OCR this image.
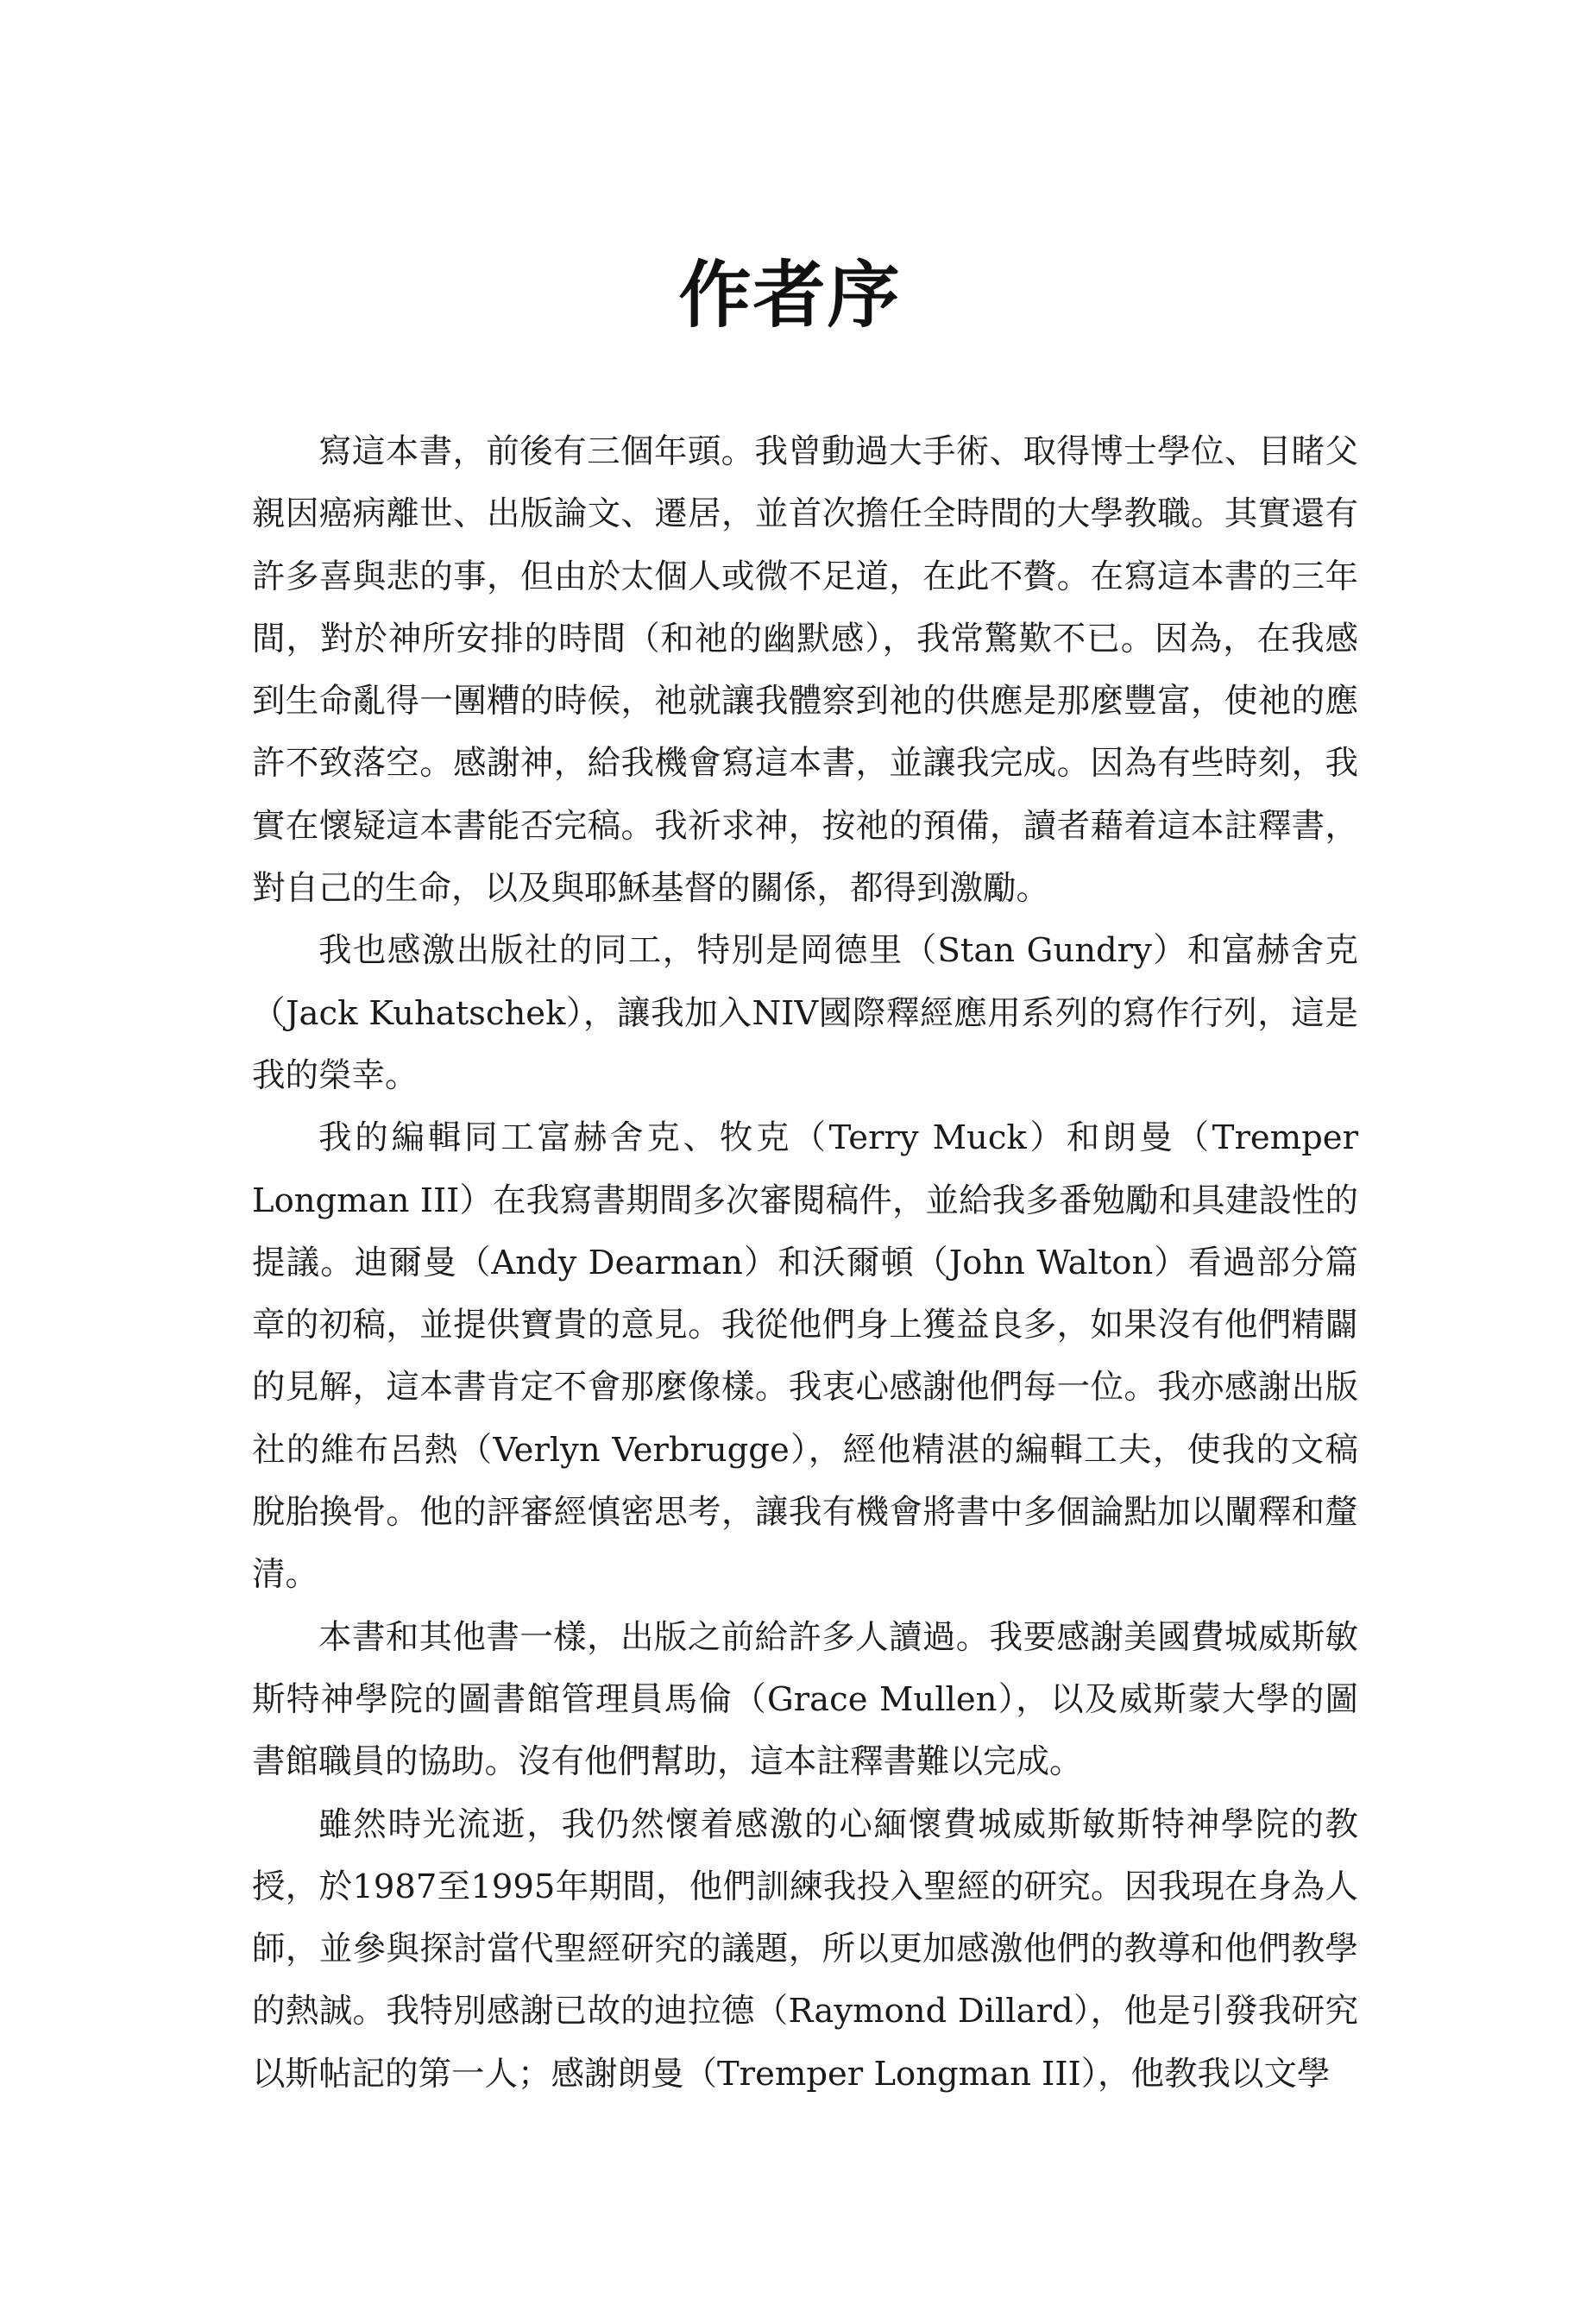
作者序

寫這本書，前後有三個年頭。我曾動過大手術、取得博士學位、目睹父親因癌病離世、出版論文、遷居，並首次擔任全時間的大學教職。其實還有許多喜與悲的事，但由於太個人或微不足道，在此不贅。在寫這本書的三年間，對於神所安排的時間（和祂的幽默感），我常驚歎不已。因為，在我感到生命亂得一團糟的時候，祂就讓我體察到祂的供應是那麼豐富，使祂的應許不致落空。感謝神，給我機會寫這本書，並讓我完成。因為有些時刻，我實在懷疑這本書能否完稿。我祈求神，按祂的預備，讀者藉着這本註釋書，對自己的生命，以及與耶穌基督的關係，都得到激勵。

我也感激出版社的同工，特別是岡德里（Stan Gundry）和富赫舍克（Jack Kuhatschek），讓我加入NIV國際釋經應用系列的寫作行列，這是我的榮幸。

我的編輯同工富赫舍克、牧克（Terry Muck）和朗曼（Tremper Longman III）在我寫書期間多次審閱稿件，並給我多番勉勵和具建設性的提議。迪爾曼（Andy Dearman）和沃爾頓（John Walton）看過部分篇章的初稿，並提供寶貴的意見。我從他們身上獲益良多，如果沒有他們精闢的見解，這本書肯定不會那麼像樣。我衷心感謝他們每一位。我亦感謝出版社的維布呂熱（Verlyn Verbrugge），經他精湛的編輯工夫，使我的文稿脫胎換骨。他的評審經慎密思考，讓我有機會將書中多個論點加以闡釋和釐清。

本書和其他書一樣，出版之前給許多人讀過。我要感謝美國費城威斯敏斯特神學院的圖書館管理員馬倫（Grace Mullen），以及威斯蒙大學的圖書館職員的協助。沒有他們幫助，這本註釋書難以完成。

雖然時光流逝，我仍然懷着感激的心緬懷費城威斯敏斯特神學院的教授，於1987至1995年期間，他們訓練我投入聖經的研究。因我現在身為人師，並參與探討當代聖經研究的議題，所以更加感激他們的教導和他們教學的熱誠。我特別感謝已故的迪拉德（Raymond Dillard），他是引發我研究以斯帖記的第一人；感謝朗曼（Tremper Longman III），他教我以文學
